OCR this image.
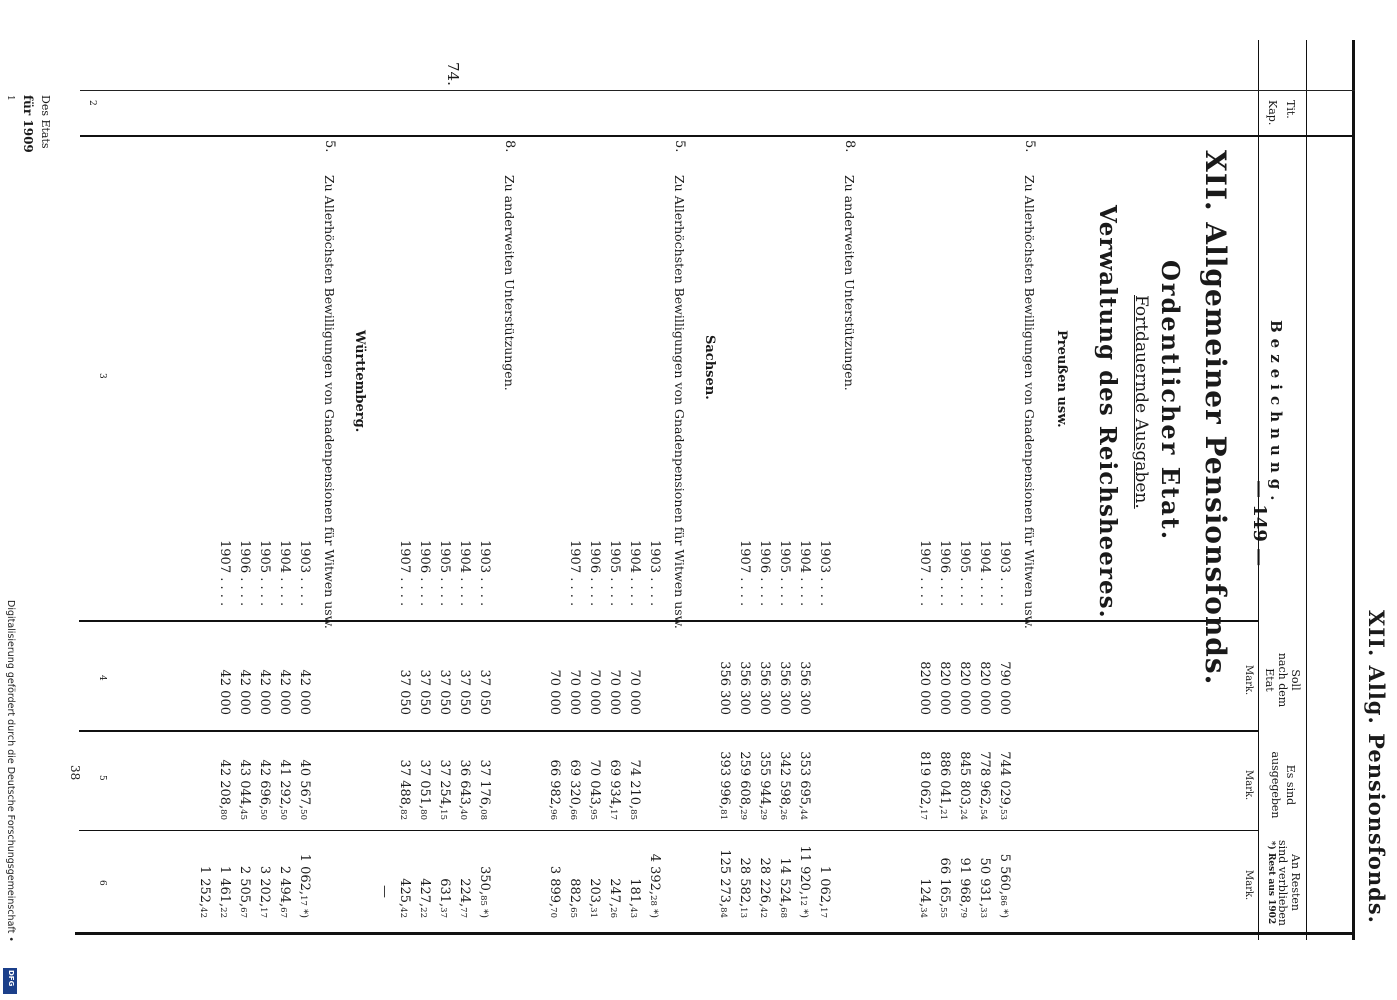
XII. Allg. Pensionsfonds.
— 149 —
1
2
3
4
5
6
Des Etats
für 1909	Kap. Tit.
Bezeichnung.
Soll
nach dem
Etat
Es sind
ausgegeben
An Resten
sind verblieben
*) Rest aus 1902
Mark.
Mark.
Mark.
XII. Allgemeiner Pensionsfonds.
Ordentlicher Etat.
Fortdauernde Ausgaben.
Verwaltung des Reichsheeres.
74.
Preußen usw.
5.
Zu Allerhöchsten Bewilligungen von Gnadenpensionen für Witwen usw.
8.
Zu anderweiten Unterstützungen.
Sachsen.
5.
Zu Allerhöchsten Bewilligungen von Gnadenpensionen für Witwen usw.
8.
Zu anderweiten Unterstützungen.
Württemberg.
5.
Zu Allerhöchsten Bewilligungen von Gnadenpensionen für Witwen usw.
38
1903 . . . .
790 000
744 029,53
5 560,86 *)
1904 . . . .
820 000
778 962,54
50 931,33
1905 . . . .
820 000
845 803,24
91 968,79
1906 . . . .
820 000
886 041,21
66 165,55
1907 . . . .
820 000
819 062,17
124,34
1903 . . . .
1 062,17
1904 . . . .
356 300
353 695,44
11 920,12 *)
1905 . . . .
356 300
342 598,26
14 524,68
1906 . . . .
356 300
355 944,29
28 226,42
1907 . . . .
356 300
259 608,29
28 582,13
356 300
393 996,81
125 273,84
1903 . . . .
4 392,28 *)
1904 . . . .
70 000
74 210,85
181,43
1905 . . . .
70 000
69 934,17
247,26
1906 . . . .
70 000
70 043,95
203,31
1907 . . . .
70 000
69 320,66
882,65
70 000
66 982,96
3 899,70
1903 . . . .
37 050
37 176,08
350,85 *)
1904 . . . .
37 050
36 643,40
224,77
1905 . . . .
37 050
37 254,15
631,37
1906 . . . .
37 050
37 051,80
427,22
1907 . . . .
37 050
37 488,82
425,42
—
1903 . . . .
42 000
40 567,50
1 062,17 *)
1904 . . . .
42 000
41 292,50
2 494,67
1905 . . . .
42 000
42 696,50
3 202,17
1906 . . . .
42 000
43 044,45
2 505,67
1907 . . . .
42 000
42 208,80
1 461,22
1 252,42
Digitalisierung gefördert durch die Deutsche Forschungsgemeinschaft •
DFG
